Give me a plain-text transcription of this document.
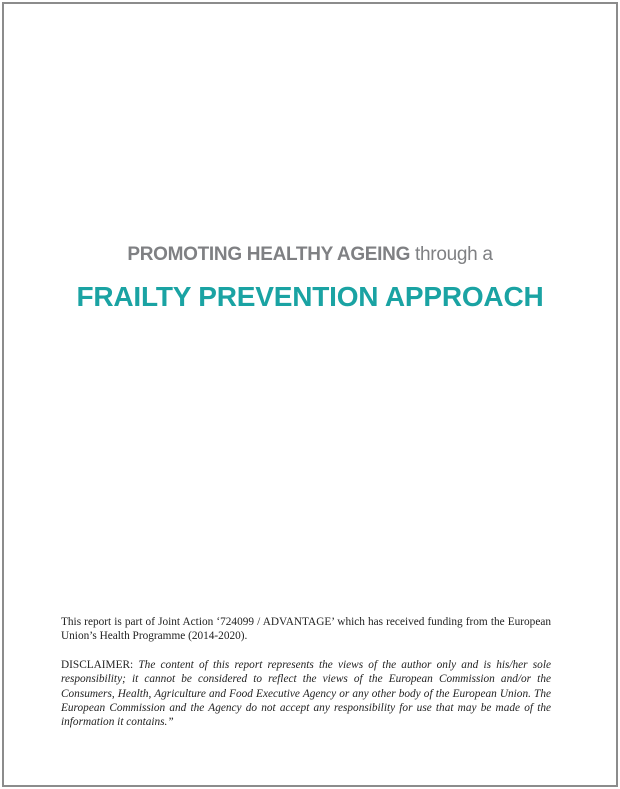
PROMOTING HEALTHY AGEING through a

FRAILTY PREVENTION APPROACH

This report is part of Joint Action ‘724099 / ADVANTAGE’ which has received funding from the European Union’s Health Programme (2014-2020).

DISCLAIMER: The content of this report represents the views of the author only and is his/her sole responsibility; it cannot be considered to reflect the views of the European Commission and/or the Consumers, Health, Agriculture and Food Executive Agency or any other body of the European Union. The European Commission and the Agency do not accept any responsibility for use that may be made of the information it contains.”
